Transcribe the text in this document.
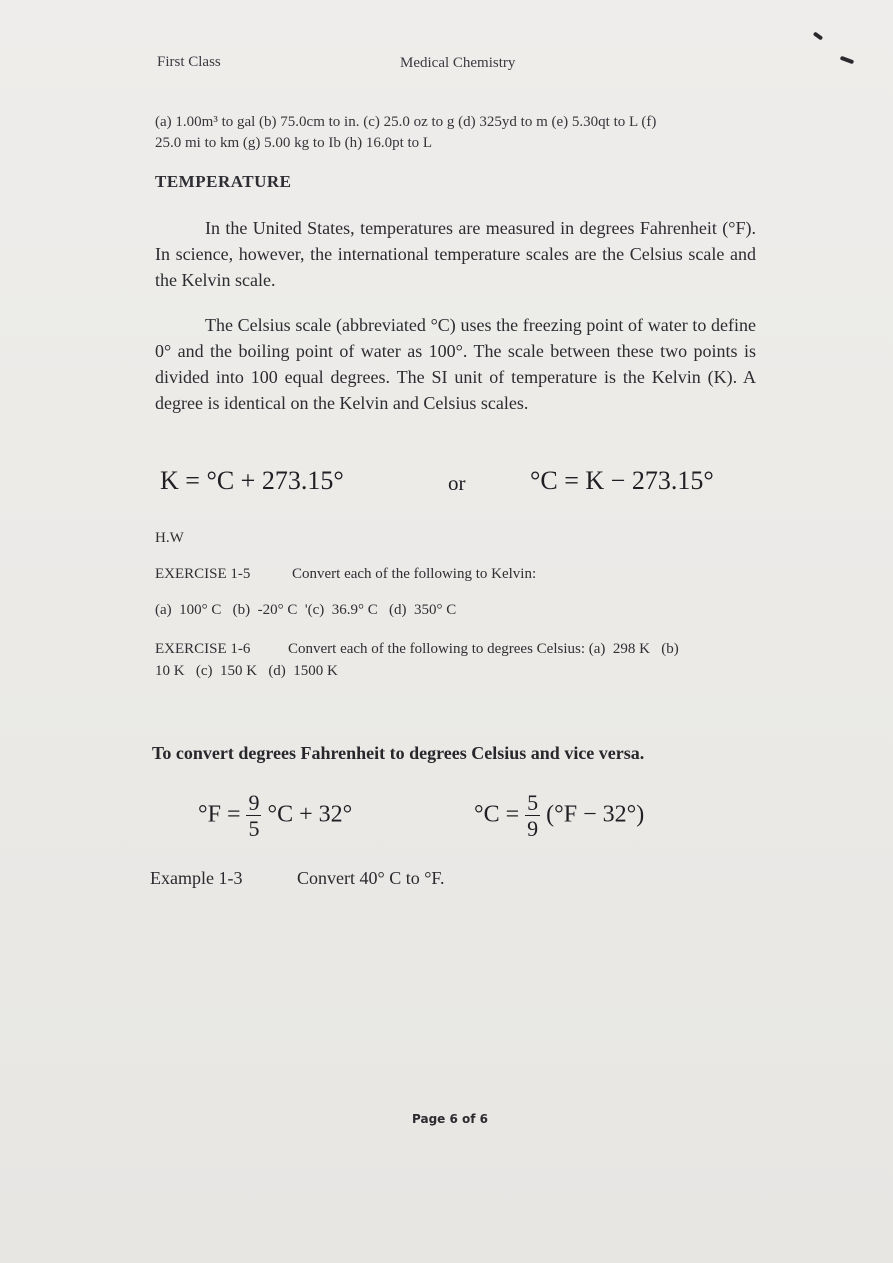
First Class	Medical Chemistry
(a) 1.00m³ to gal (b) 75.0cm to in. (c) 25.0 oz to g (d) 325yd to m (e) 5.30qt to L (f)
25.0 mi to km (g) 5.00 kg to Ib (h) 16.0pt to L
TEMPERATURE
In the United States, temperatures are measured in degrees Fahrenheit (°F). In science, however, the international temperature scales are the Celsius scale and the Kelvin scale.
The Celsius scale (abbreviated °C) uses the freezing point of water to define 0° and the boiling point of water as 100°. The scale between these two points is divided into 100 equal degrees. The SI unit of temperature is the Kelvin (K). A degree is identical on the Kelvin and Celsius scales.
K = °C + 273.15°	or °C = K − 273.15°
H.W
EXERCISE 1-5	Convert each of the following to Kelvin:
(a)  100° C   (b)  -20° C  '(c)  36.9° C   (d)  350° C
EXERCISE 1-6	Convert each of the following to degrees Celsius: (a)  298 K   (b)
10 K   (c)  150 K   (d)  1500 K
To convert degrees Fahrenheit to degrees Celsius and vice versa.
$^\circ F = \frac{9}{5} ^\circ C + 32^\circ$	$^\circ C = \frac{5}{9} (^\circ F - 32^\circ)$
Example 1-3	Convert 40° C to °F.
Page 6 of 6
